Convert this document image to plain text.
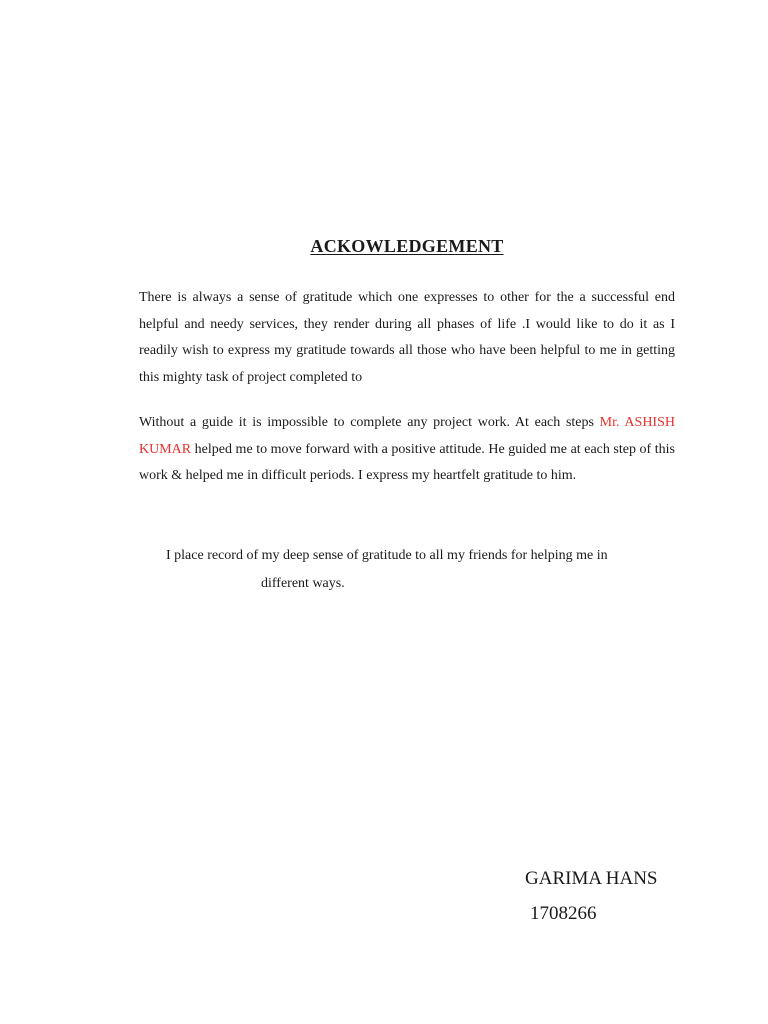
ACKOWLEDGEMENT

There is always a sense of gratitude which one expresses to other for the a successful end helpful and needy services, they render during all phases of life .I would like to do it as I readily wish to express my gratitude towards all those who have been helpful to me in getting this mighty task of project completed to

Without a guide it is impossible to complete any project work. At each steps Mr. ASHISH KUMAR helped me to move forward with a positive attitude. He guided me at each step of this work & helped me in difficult periods. I express my heartfelt gratitude to him.

I place record of my deep sense of gratitude to all my friends for helping me in
different ways.

GARIMA HANS
1708266
